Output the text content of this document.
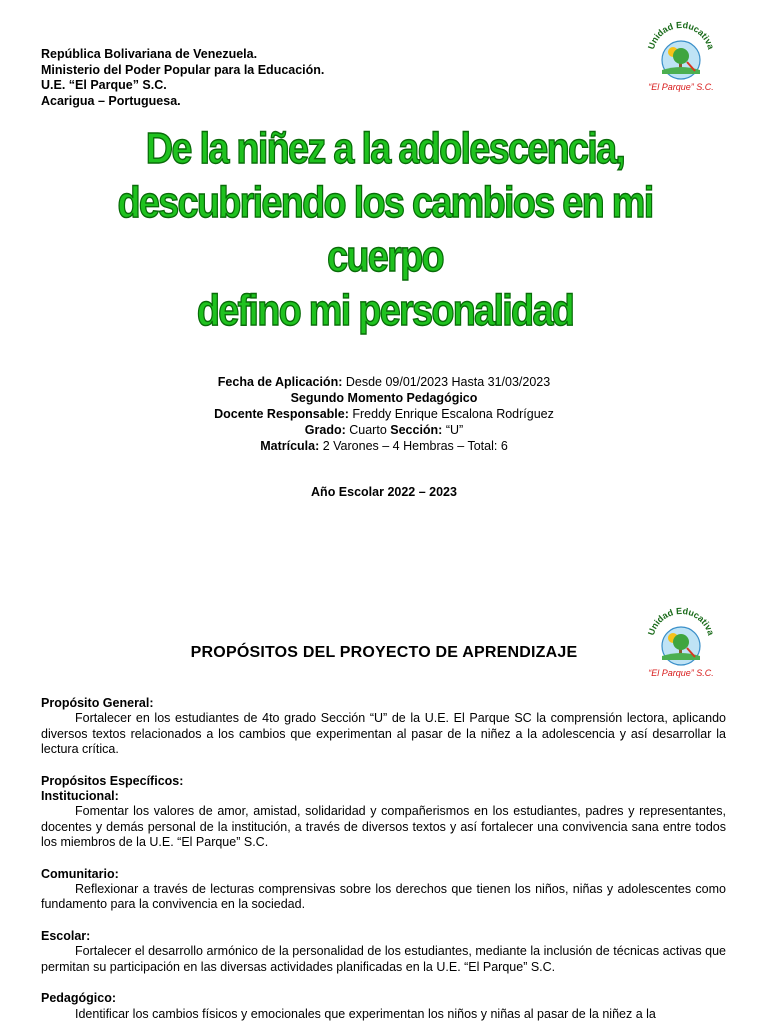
República Bolivariana de Venezuela.
Ministerio del Poder Popular para la Educación.
U.E. “El Parque” S.C.
Acarigua – Portuguesa.
Unidad Educativa
“El Parque” S.C.
De la niñez a la adolescencia,
descubriendo los cambios en mi cuerpo
defino mi personalidad
Fecha de Aplicación: Desde 09/01/2023 Hasta 31/03/2023
Segundo Momento Pedagógico
Docente Responsable: Freddy Enrique Escalona Rodríguez
Grado: Cuarto Sección: “U”
Matrícula: 2 Varones – 4 Hembras – Total: 6
Año Escolar 2022 – 2023
Unidad Educativa
“El Parque” S.C.
PROPÓSITOS DEL PROYECTO DE APRENDIZAJE
Propósito General:

Fortalecer en los estudiantes de 4to grado Sección “U” de la U.E. El Parque SC la comprensión lectora, aplicando diversos textos relacionados a los cambios que experimentan al pasar de la niñez a la adolescencia y así desarrollar la lectura crítica.

Propósitos Específicos:
Institucional:

Fomentar los valores de amor, amistad, solidaridad y compañerismos en los estudiantes, padres y representantes, docentes y demás personal de la institución, a través de diversos textos y así fortalecer una convivencia sana entre todos los miembros de la U.E. “El Parque” S.C.

Comunitario:

Reflexionar a través de lecturas comprensivas sobre los derechos que tienen los niños, niñas y adolescentes como fundamento para la convivencia en la sociedad.

Escolar:

Fortalecer el desarrollo armónico de la personalidad de los estudiantes, mediante la inclusión de técnicas activas que permitan su participación en las diversas actividades planificadas en la U.E. “El Parque” S.C.

Pedagógico:

Identificar los cambios físicos y emocionales que experimentan los niños y niñas al pasar de la niñez a la
